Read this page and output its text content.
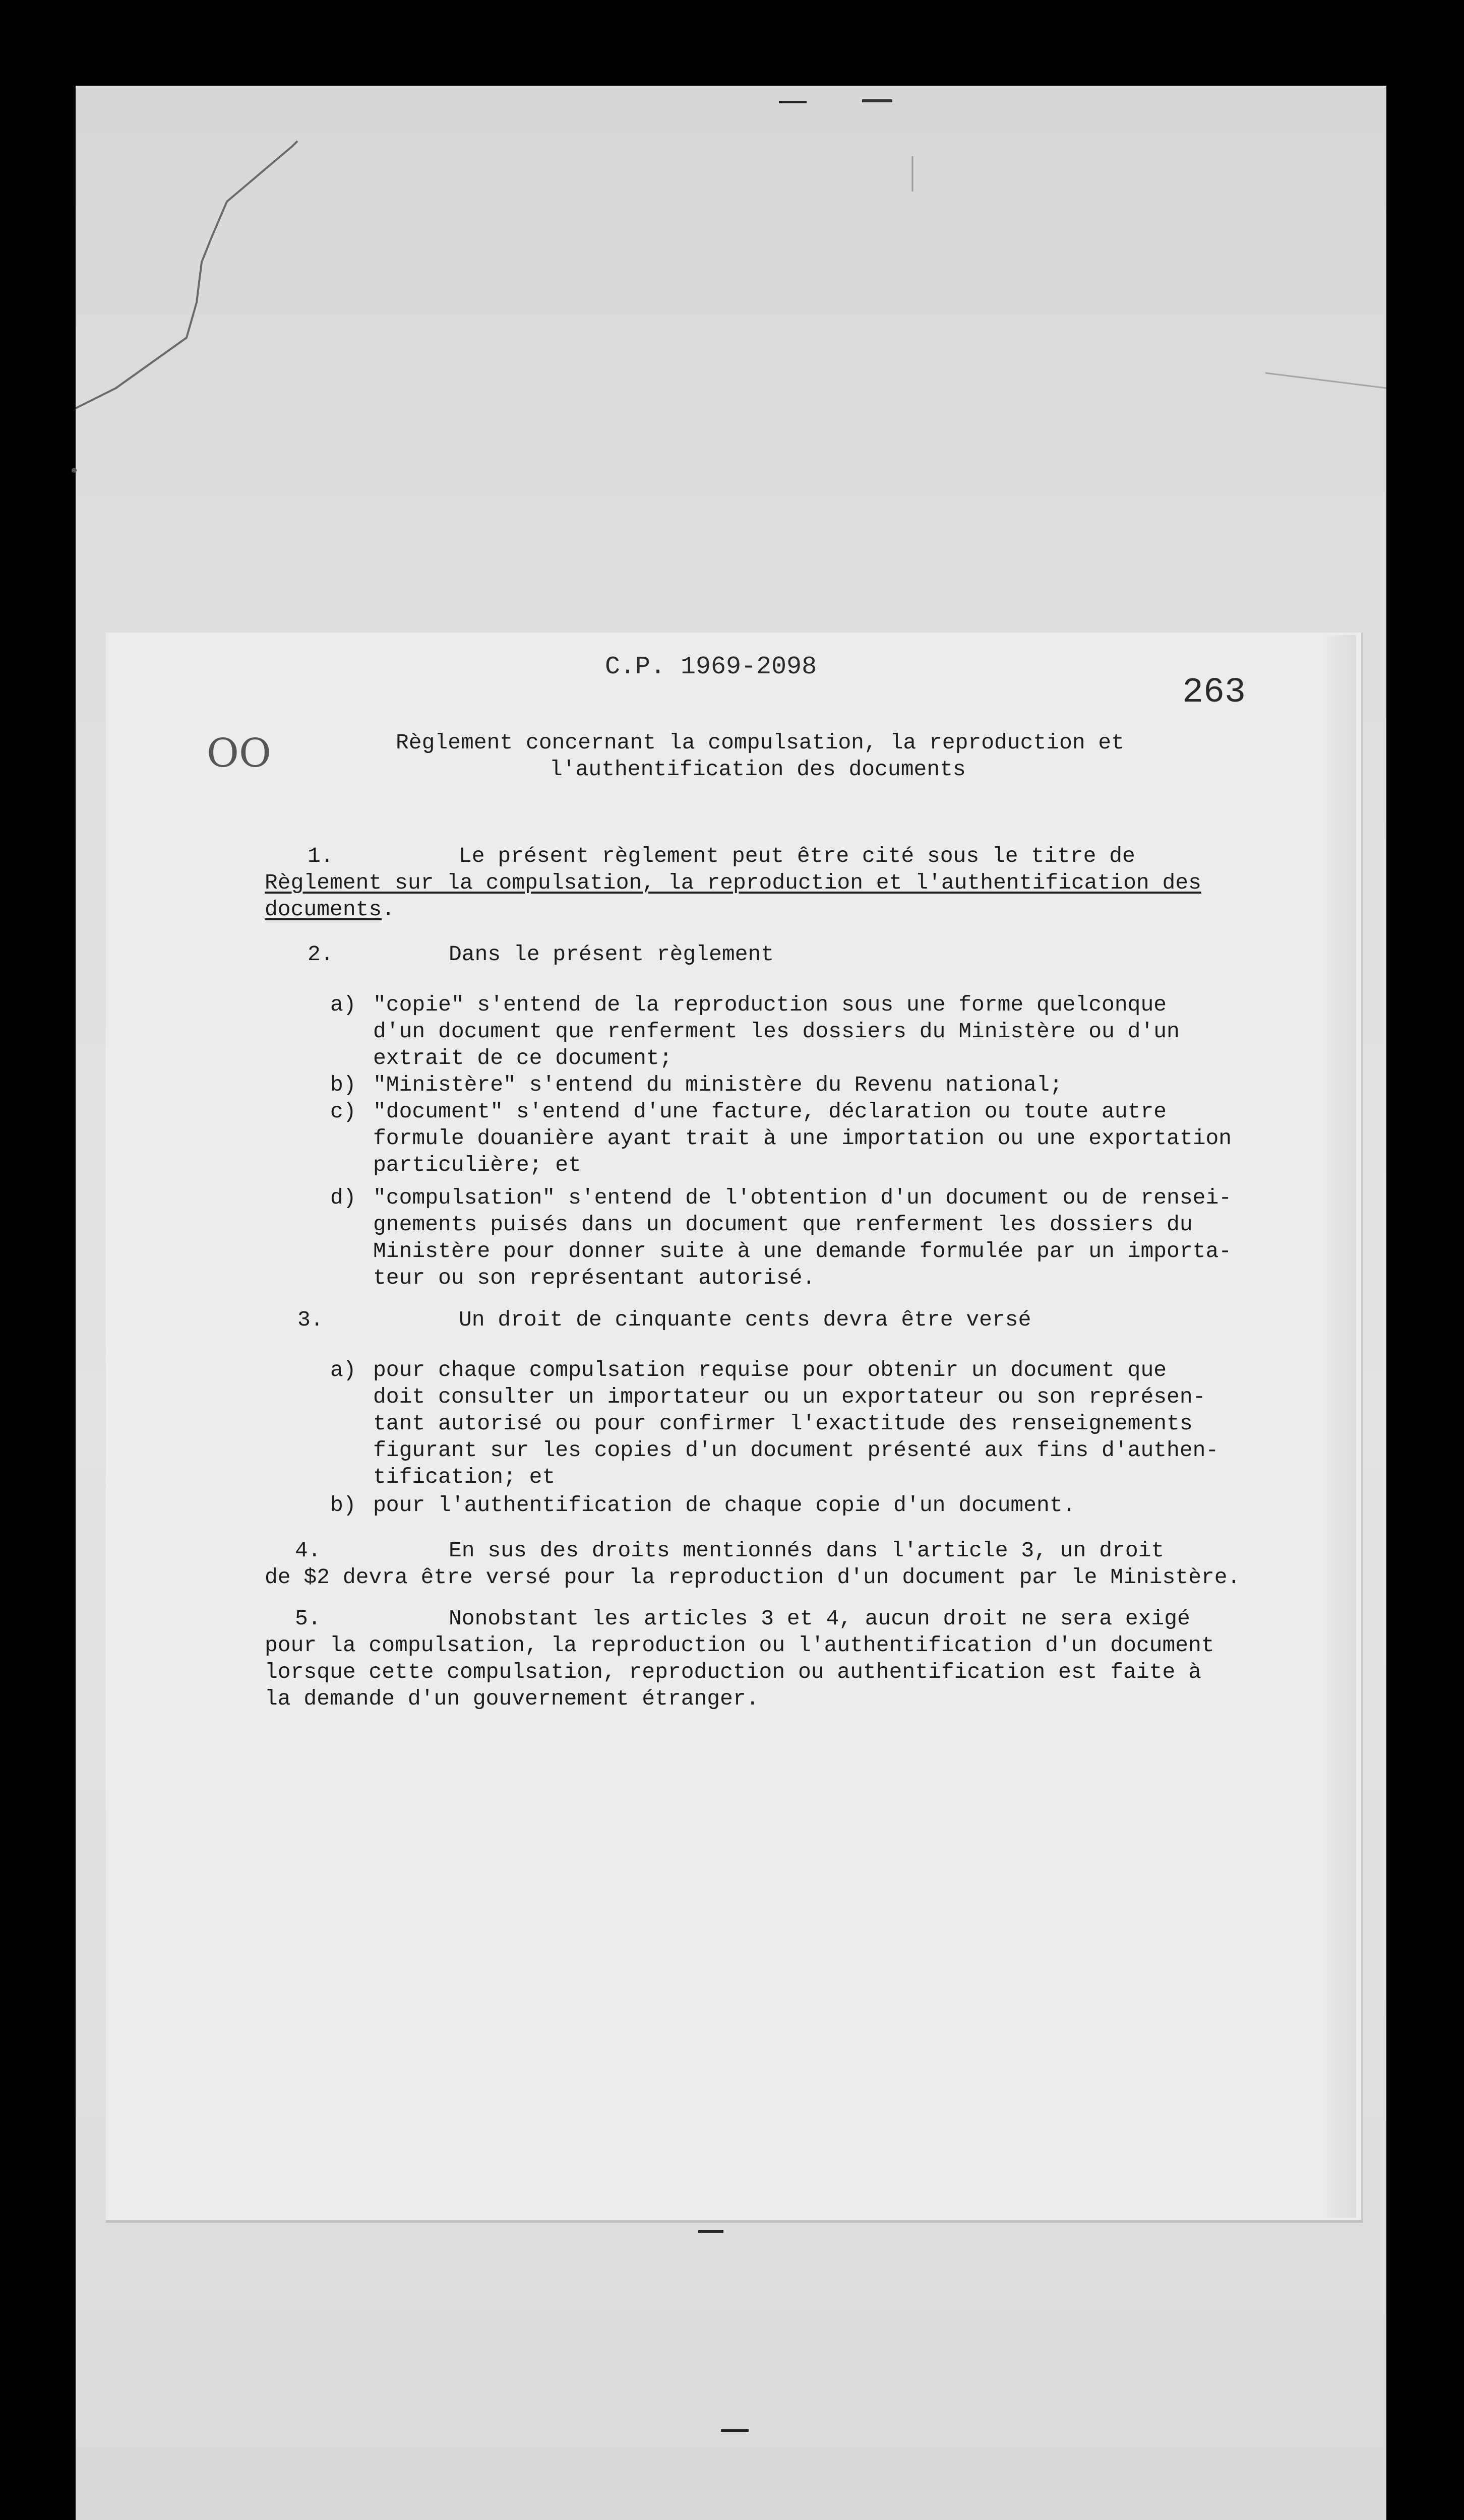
C.P. 1969-2098
263
OO	Règlement concernant la compulsation, la reproduction et
l'authentification des documents
1.	Le présent règlement peut être cité sous le titre de
Règlement sur la compulsation, la reproduction et l'authentification des
documents.
2.	Dans le présent règlement
a) "copie" s'entend de la reproduction sous une forme quelconque
d'un document que renferment les dossiers du Ministère ou d'un
extrait de ce document;
b) "Ministère" s'entend du ministère du Revenu national;
c) "document" s'entend d'une facture, déclaration ou toute autre
formule douanière ayant trait à une importation ou une exportation
particulière; et
d) "compulsation" s'entend de l'obtention d'un document ou de rensei-
gnements puisés dans un document que renferment les dossiers du
Ministère pour donner suite à une demande formulée par un importa-
teur ou son représentant autorisé.
3.	Un droit de cinquante cents devra être versé
a) pour chaque compulsation requise pour obtenir un document que
doit consulter un importateur ou un exportateur ou son représen-
tant autorisé ou pour confirmer l'exactitude des renseignements
figurant sur les copies d'un document présenté aux fins d'authen-
tification; et
b) pour l'authentification de chaque copie d'un document.
4.	En sus des droits mentionnés dans l'article 3, un droit
de $2 devra être versé pour la reproduction d'un document par le Ministère.
5.	Nonobstant les articles 3 et 4, aucun droit ne sera exigé
pour la compulsation, la reproduction ou l'authentification d'un document
lorsque cette compulsation, reproduction ou authentification est faite à
la demande d'un gouvernement étranger.
